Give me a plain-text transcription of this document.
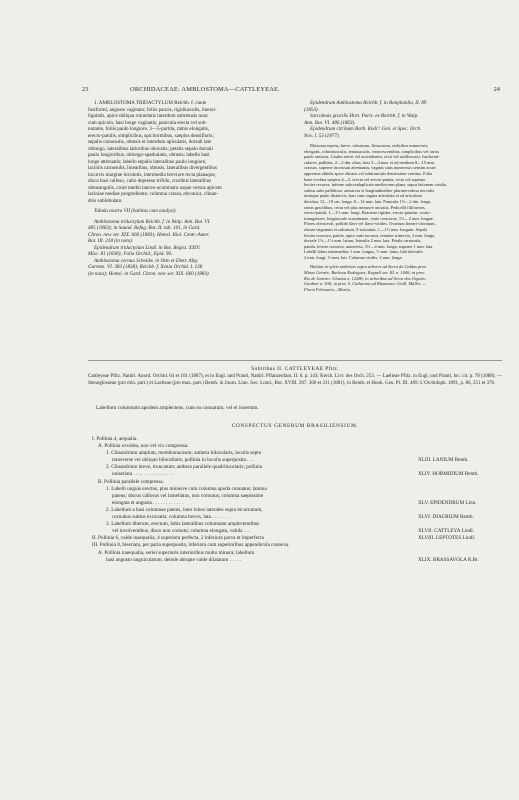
23	ORCHIDACEAE: AMBLOSTOMA—CATTLEYEAE.	24

1. AMBLOSTOMA TRIDACTYLUM Reichb. f. caule

fusiformi, angusto vaginato; foliis paucis, rigidiusculis, lineari-

ligulatis, apice obliqua rotundatis interdum subretusis nunc

cum apiculo, basi longe vaginatis; panicula erecta vel sub-

nutante, foliis paulo longiore, 3—5-partita, ramis elongatis,

erecto-patulis, simplicibus, spicitormibus, saepius densifloris;

sepalis carnosulis, obtusis et interdum apiculatis, dorsali late

oblongo, lateralibus latioribus obovatis; petalis sepalo dorsali

paulo longioribus, oblongo-spathulatis, obtusis; labello basi

longe attenuatis; labello sepalis lateralibus paulo longiore,

laciniis carnosulis, linearibus, obtusis, lateralibus divergentibus

incurvis margine involutis, intermedia breviore recta planaque,

disco basi calloso, callo depresso trifido, cruribus lateralibus

obtusangulis, crure medio lanceo-acuminato usque versus apicem

laciniae mediae progrediente; columna crassa, ebconica, clinan-

drio sublobulato.

Tabula nostra VII (habitus cum analysi).

Amblostoma tridactylum Reichb. f. in Walp. Ann. Bot. VI.

485 (1863); in Saund. Refug. Bot. II. tab. 101, in Gard.

Chron. new ser. XIX. 660 (1883); Hemsl. Biol. Centr.-Amer.

Bot. III. 218 (in nota).

Epidendrum tridactylum Lindl. in Bot. Regist. XXIV.

Misc. 81 (1838); Folia Orchid., Epid. 90.

Amblostoma cernua Scheidw. in Otto et Dietr. Allg.

Gartenz. VI. 383 (1838); Reichb. f. Xenia Orchid. I. 138

(in nota); Hemsl. in Gard. Chron. new ser. XIX. 660 (1883).

Epidendrum Amblostoma Reichb. f. in Bonplandia, II. 89

(1854).

Sarcoleuis gracilis Hort. Paris. ex Reichb. f. in Walp.

Ann. Bot. VI. 486 (1863).

Epidendrum citrinum Barb. Rodr.! Gen. et Spec. Orch.

Nov. I. 53 (1877).

Rhizoma repens, breve, robustum, flexuosum, radicibus numerosis,

elongatis, robustiusculis, tenuiusculis, vinacescentibus, simplicibus vel rariss

paulo ramosis. Caules erecti vel ascendentes, recti vel subflexuosi, fusiformi-

culares, pallidus, 2—3 dm. altus, basi 3—4 mm. et ad medium 8—15 mm.

crassus, superne incrassati attenuatus, vaginis satis numerosis sensim acute

apprensis albidis apice obtusis vel subtruncatis densissime vestitus. Folia

bene evoluta saepius 4—5, erecta vel erecto-patula, recta vel superne

leviter recurva, inferne subconduplicata mediocrem plana, supra lationem viridia,

subtus satis pallidiora, anisarvia et longitudinaliter plurinervulosa nervulis

utrinque paulo distinctis, basi cum vagina articulata et ad articulum

decidua, 12—18 cm. longa, 8—14 mm. lata. Panicula 1½—2 dm. longa,

ramis gracilibus, recta vel plus minusve arcuatis. Pedicelli filiformes,

erecto-patuli, 1—1½ mm. longi. Bracteae rigidae, erecto-patulae, ovato-

triangulares, longiuscule acuminatae, varie concavae, 1½—2 mm. longae.

Flores olivaceoli, pollide flavi vel flavo-virides. Ovarium lineari-clavatum,

obtuse trigonum et sulcatum, 5-sulcatum, 1—1½ mm. longum. Sepala

leviter concava, patula, apice satis incurva, tenuiter trinervia, 3 mm. longa,

dorsale 1½—1½ mm. latum, lateralia 2 mm. lata. Petala carnosula,

patula, leviter concava, uninervia, 3½—4 mm. longa, superne 1 mm. lata.

Labelli lobus intermedius 1 mm. longus, ½ mm. latus; lobi laterales

2 mm. longi, ½ mm. lati. Columna viridis, 2 mm. longa.

Habitat in sylvis umbrosis supra arbores ad Serra do Caldas prov.

Minas Geraës: Barbosa Rodrigues; Regnell ser. III. n. 1000; in prov.

Rio de Janeiro: Glaziou n. 12286; in arboribus ad Serra dos Orgaös:

Gardner n. 636; in prov. S. Catharina ad Blumenau: Guill. Müller. —

Floret Februario—Martio.

Subtribus II. CATTLEYEAE Pfitz.
Cattleyeae Pfitz. Natürl. Anord. Orchid. 64 et 101 (1887), et in Engl. und Prantl, Natürl. Pflanzenfam. II. 6. p. 143; Kerch. Livr. des Orch. 253. — Laelieae Pfitz. in Engl. und Prantl, loc. cit. p. 78 (1888). — Stenoglosseae (pro min. part.) et Laelieae (pro max. part.) Benth. in Journ. Linn. Soc. Lond., Bot. XVIII. 287, 300 et 311 (1881), in Benth. et Hook. Gen. Pl. III. 469; L'Orchidoph. 1891, p. 86, 251 et 376.
Labellum columnam apodem amplectens, cum ea connatum, vel ei insertum.
CONSPECTUS GENERUM BRASILIENSIUM.
I. Pollinia 4, aequalia.
A. Pollinia ovoidea, non vel vix compressa.
1. Clinandrium amplum, membranaceum; anthera bilocularis, loculis septo
transverse vel obliquo bilocellatis; pollinia in loculis superposita . . .	XLIII. LANIUM Benth.
2. Clinandrium breve, truncatum; anthera parallele quadrilocularis; pollinia
uniseriata . . . . . . . . . . . . . . . .	XLIV. HORMIDIUM Benth.
B. Pollinia parallele compressa.
1. Labelli unguis erectus, plus minusve cum columna apoda connatus; lamina
patens; discus callosus vel lamellatus, non cornutus; columna saepissime
elongata et angusta . . . . . . . . . . . .	XLV. EPIDENDRUM Linn.
2. Labellum a basi columnae patens, inter lobos laterales supra bicornutum,
cornubus subtus excavatis; columna brevis, lata . . . . . . .	XLVI. DIACRIUM Benth.
3. Labellum liberum, erectum, lobis lateralibus columnam amplectentibus
vel involventibus, disco non cornuto; columna elongata, valida . . .	XLVII. CATTLEYA Lindl.
II. Pollinia 6, valde inaequalia, 4 superiora perfecta, 2 inferiora parva et imperfecta	XLVIII. LEPTOTES Lindl.
III. Pollinia 8, biseriata, per paria superposita, inferiora cum superioribus appendicula connexa.
A. Pollinia inaequalia, seriei superioris interioribus multo minora; labellum
basi angusto unguiculatum, deinde abrupte valde dilatatum . . . . .	XLIX. BRASSAVOLA R.Br.
